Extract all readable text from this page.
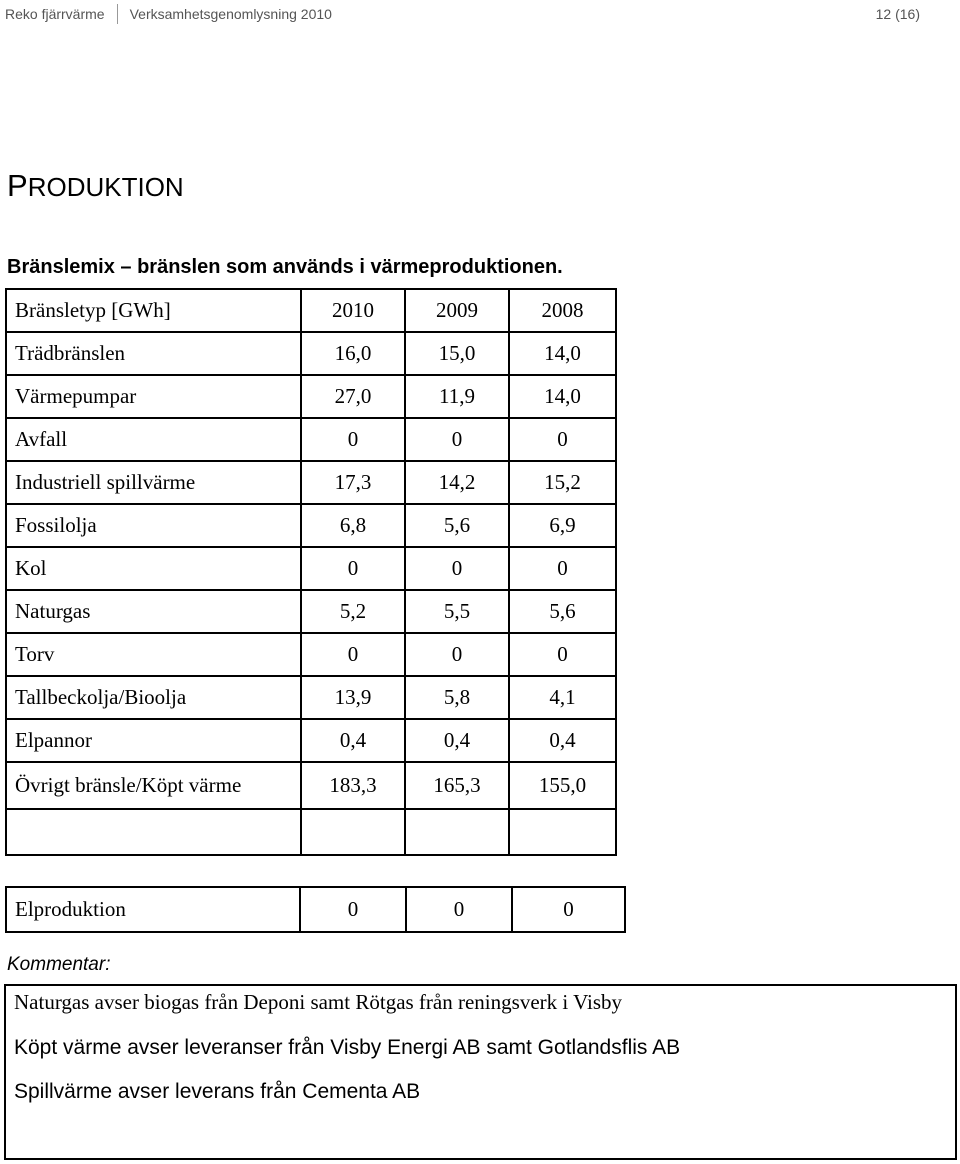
Reko fjärrvärme Verksamhetsgenomlysning 2010	12 (16)
PRODUKTION
Bränslemix – bränslen som används i värmeproduktionen.
Bränsletyp [GWh]	2010	2009	2008
Trädbränslen	16,0	15,0	14,0
Värmepumpar	27,0	11,9	14,0
Avfall	0	0	0
Industriell spillvärme	17,3	14,2	15,2
Fossilolja	6,8	5,6	6,9
Kol	0	0	0
Naturgas	5,2	5,5	5,6
Torv	0	0	0
Tallbeckolja/Bioolja	13,9	5,8	4,1
Elpannor	0,4	0,4	0,4
Övrigt bränsle/Köpt värme	183,3	165,3	155,0

Elproduktion	0	0	0
Kommentar:
Naturgas avser biogas från Deponi samt Rötgas från reningsverk i Visby
Köpt värme avser leveranser från Visby Energi AB samt Gotlandsflis AB
Spillvärme avser leverans från Cementa AB
